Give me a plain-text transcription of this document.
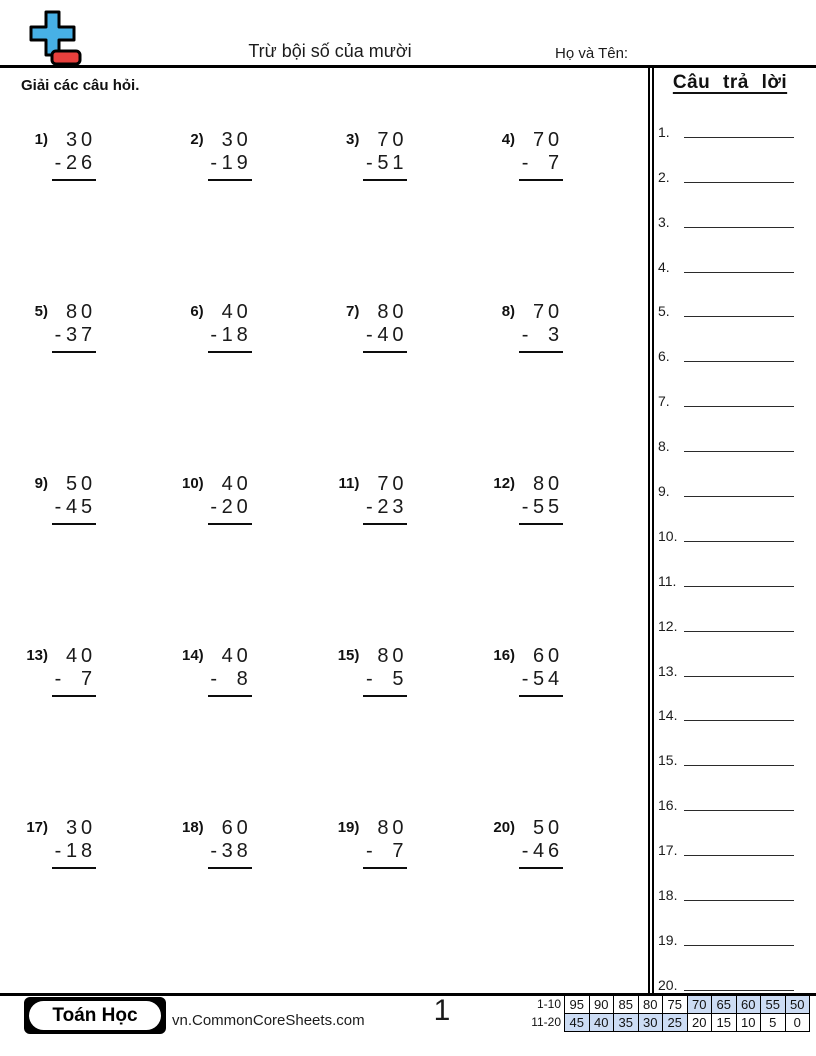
Trừ bội số của mười	Họ và Tên:
Giải các câu hỏi.
1) 3 0
- 2 6
2) 3 0
- 1 9
3) 7 0
- 5 1
4) 7 0
- 7
5) 8 0
- 3 7
6) 4 0
- 1 8
7) 8 0
- 4 0
8) 7 0
- 3
9) 5 0
- 4 5
10) 4 0
- 2 0
11) 7 0
- 2 3
12) 8 0
- 5 5
13) 4 0
- 7
14) 4 0
- 8
15) 8 0
- 5
16) 6 0
- 5 4
17) 3 0
- 1 8
18) 6 0
- 3 8
19) 8 0
- 7
20) 5 0
- 4 6
Câu trả lời
1.
2.
3.
4.
5.
6.
7.
8.
9.
10.
11.
12.
13.
14.
15.
16.
17.
18.
19.
20.
Toán Học	vn.CommonCoreSheets.com	1	1-10 95 90 85 80 75 70 65 60 55 50
11-20 45 40 35 30 25 20 15 10	5	0
